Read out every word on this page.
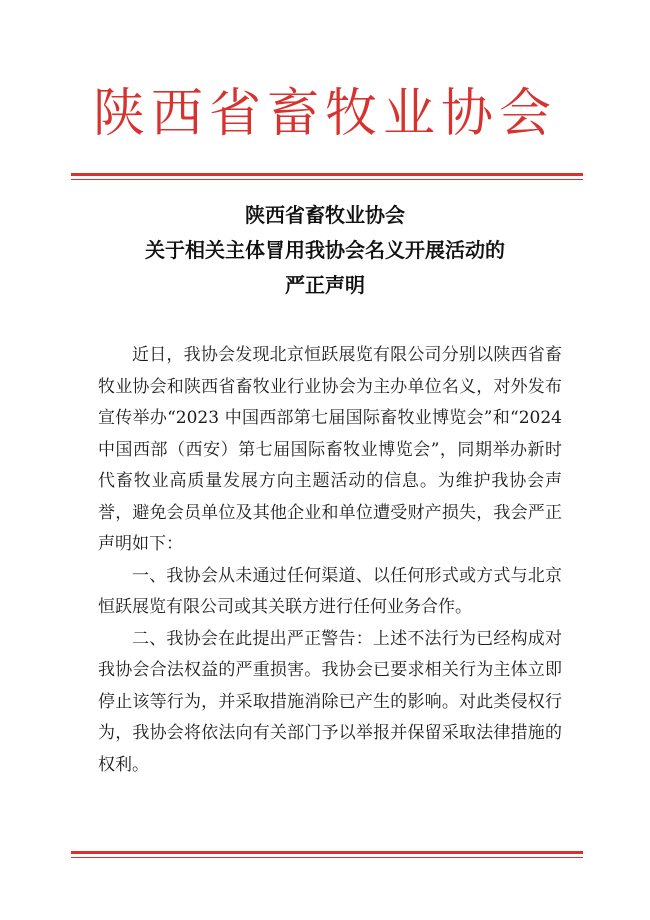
陕西省畜牧业协会
陕西省畜牧业协会
关于相关主体冒用我协会名义开展活动的
严正声明

近日，我协会发现北京恒跃展览有限公司分别以陕西省畜牧业协会和陕西省畜牧业行业协会为主办单位名义，对外发布宣传举办“2023 中国西部第七届国际畜牧业博览会”和“2024 中国西部（西安）第七届国际畜牧业博览会”，同期举办新时代畜牧业高质量发展方向主题活动的信息。为维护我协会声誉，避免会员单位及其他企业和单位遭受财产损失，我会严正声明如下：

一、我协会从未通过任何渠道、以任何形式或方式与北京恒跃展览有限公司或其关联方进行任何业务合作。

二、我协会在此提出严正警告：上述不法行为已经构成对我协会合法权益的严重损害。我协会已要求相关行为主体立即停止该等行为，并采取措施消除已产生的影响。对此类侵权行为，我协会将依法向有关部门予以举报并保留采取法律措施的权利。
